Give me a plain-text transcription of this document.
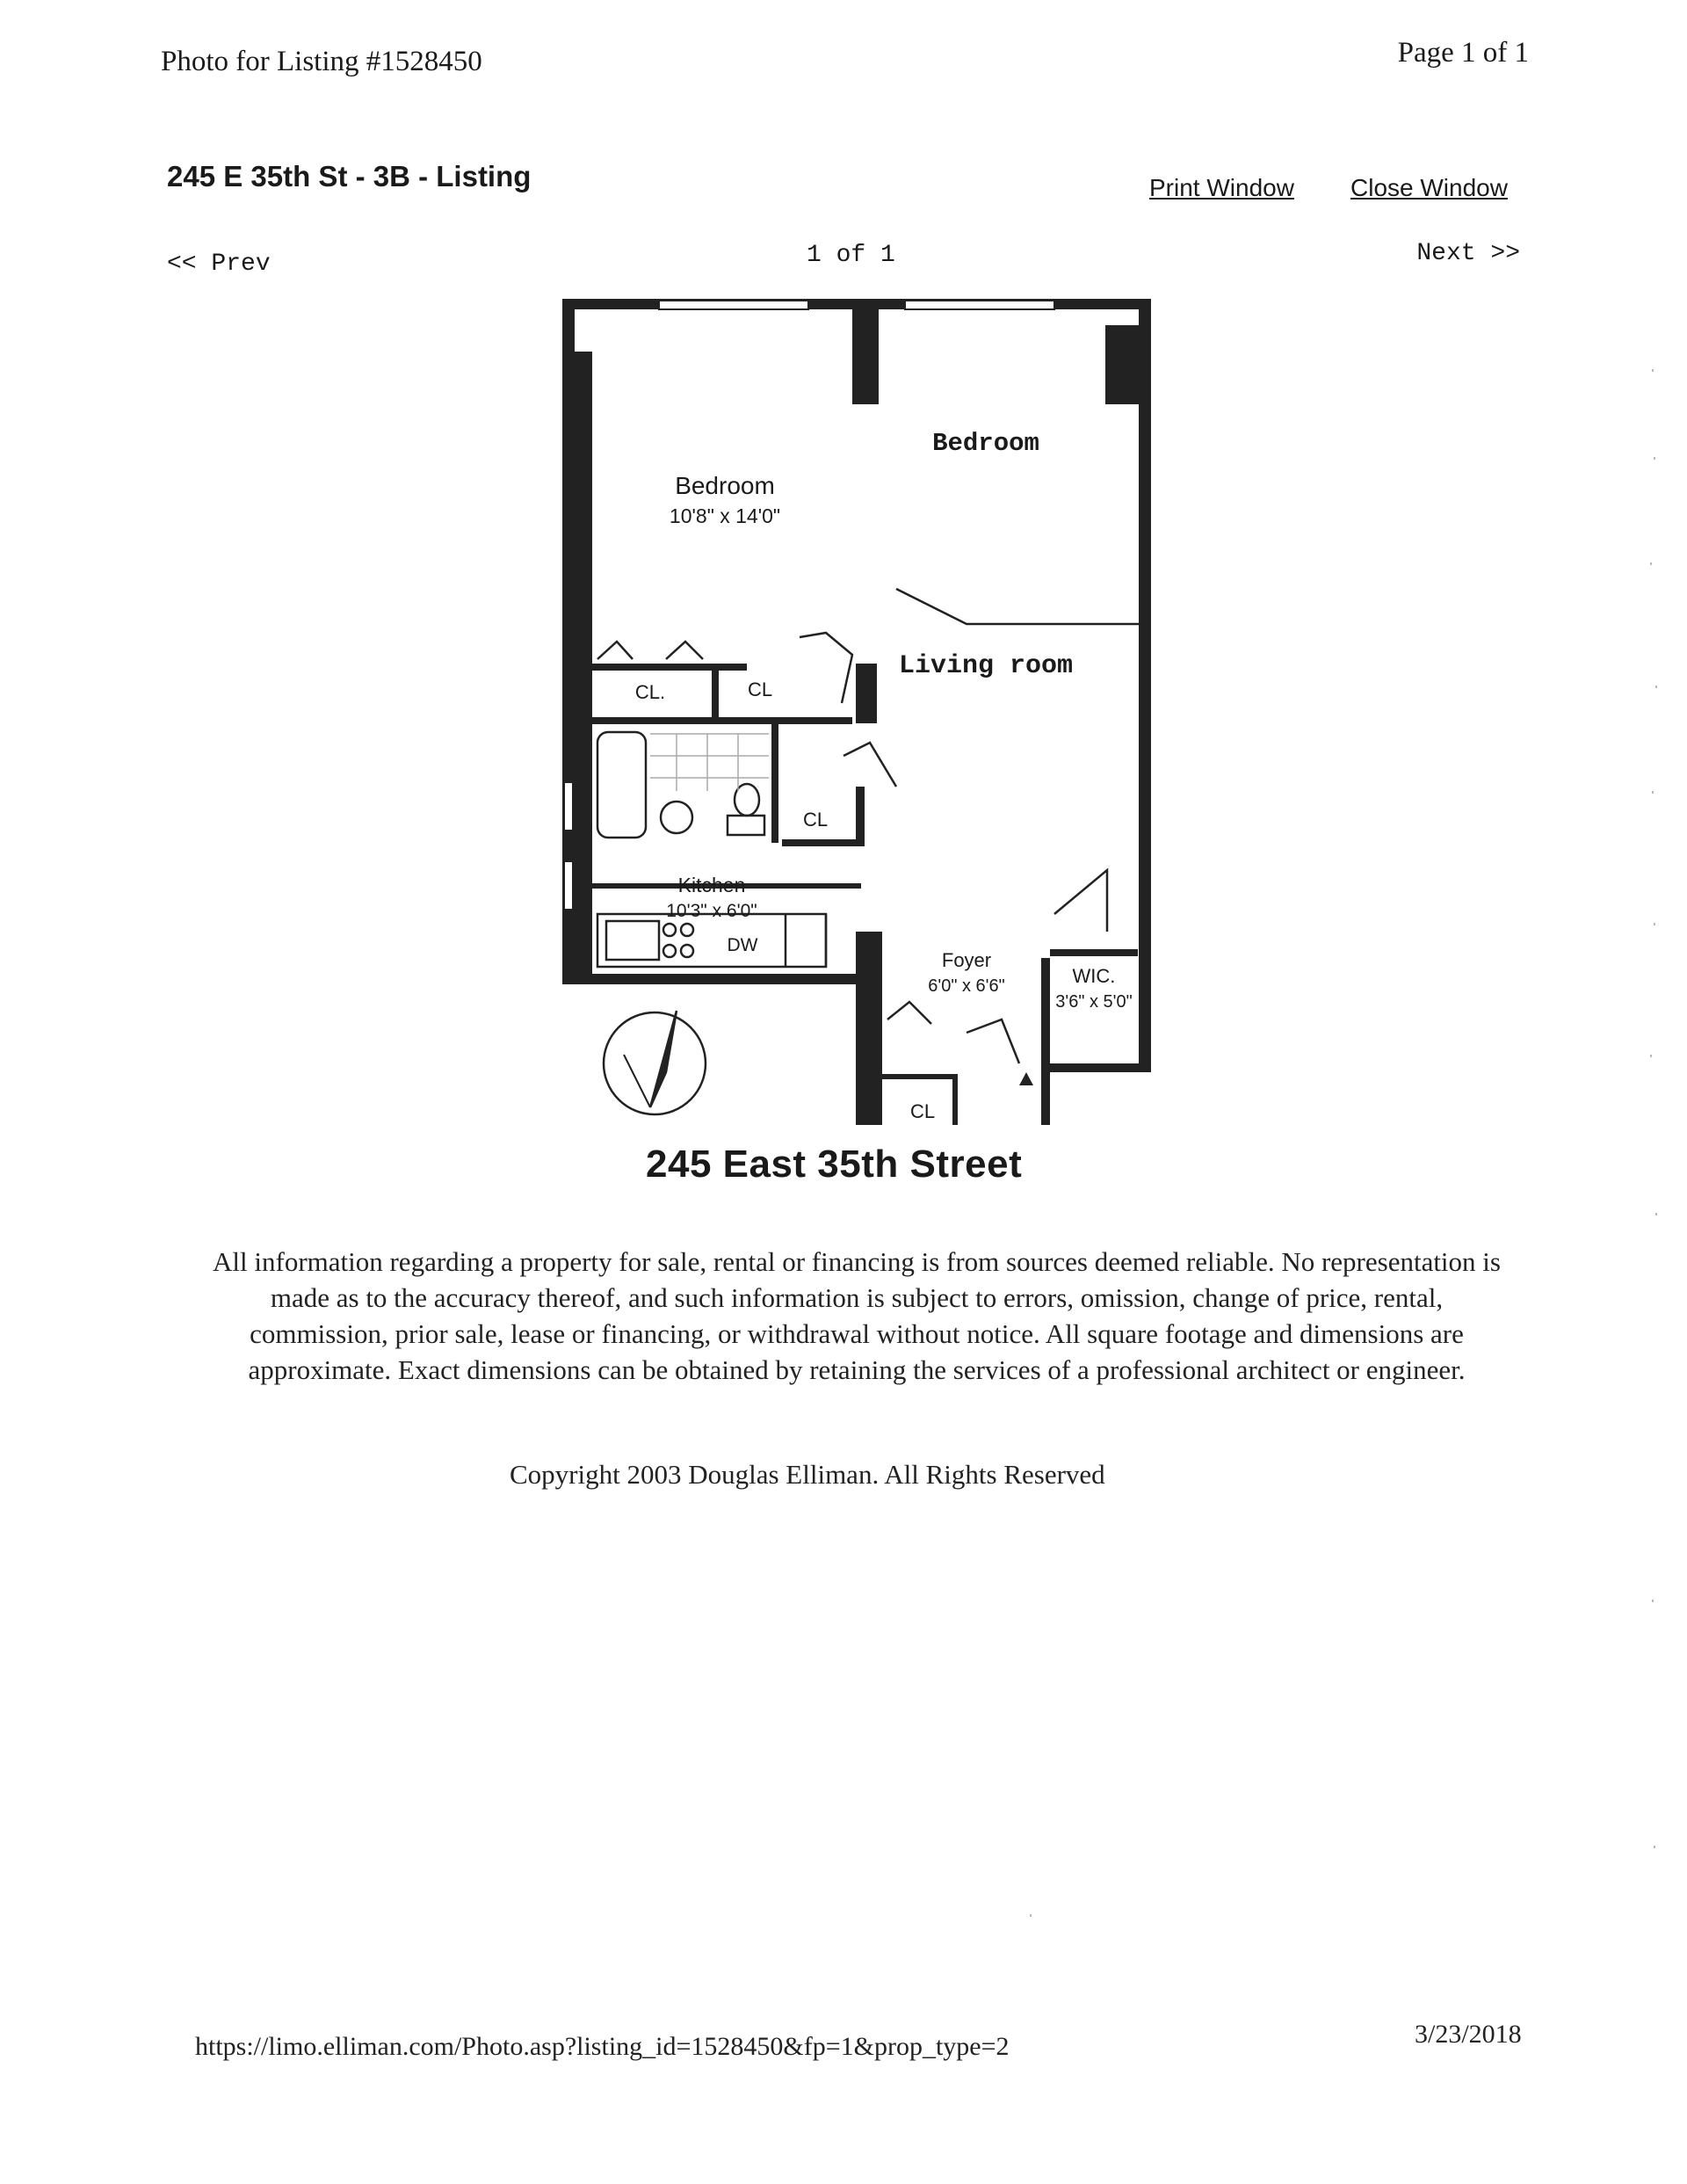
Photo for Listing #1528450	Page 1 of 1
245 E 35th St - 3B - Listing	Print Window Close Window
<< Prev	1 of 1	Next >>
Bedroom
10'8" x 14'0"
Bedroom
Living room
CL.	CL
CL
Kitchen
10'3" x 6'0"
DW
Foyer
6'0" x 6'6"	WIC.
3'6" x 5'0"
CL
245 East 35th Street
All information regarding a property for sale, rental or financing is from sources deemed reliable. No representation is made as to the accuracy thereof, and such information is subject to errors, omission, change of price, rental, commission, prior sale, lease or financing, or withdrawal without notice. All square footage and dimensions are approximate. Exact dimensions can be obtained by retaining the services of a professional architect or engineer.
Copyright 2003 Douglas Elliman. All Rights Reserved
https://limo.elliman.com/Photo.asp?listing_id=1528450&fp=1&prop_type=2	3/23/2018
